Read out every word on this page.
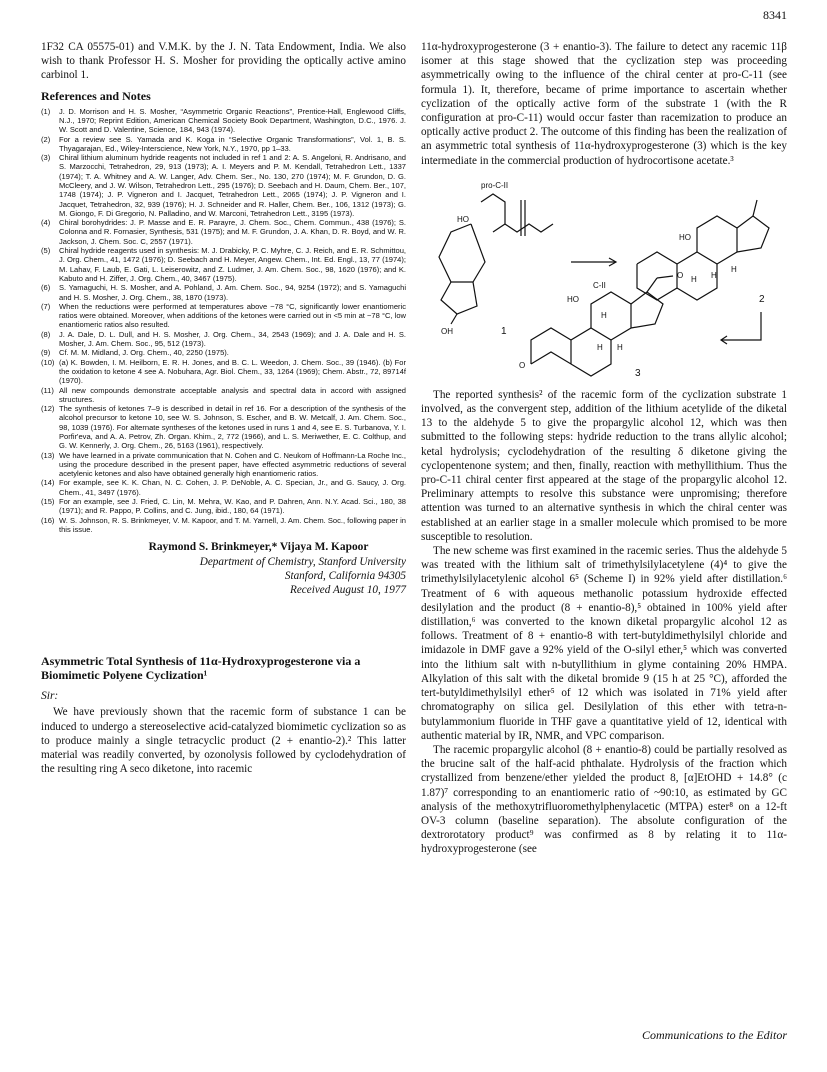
8341

1F32 CA 05575-01) and V.M.K. by the J. N. Tata Endowment, India. We also wish to thank Professor H. S. Mosher for providing the optically active amino carbinol 1.

References and Notes
(1)	J. D. Morrison and H. S. Mosher, “Asymmetric Organic Reactions”, Prentice-Hall, Englewood Cliffs, N.J., 1970; Reprint Edition, American Chemical Society Book Department, Washington, D.C., 1976. J. W. Scott and D. Valentine, Science, 184, 943 (1974).
(2)	For a review see S. Yamada and K. Koga in “Selective Organic Transformations”, Vol. 1, B. S. Thyagarajan, Ed., Wiley-Interscience, New York, N.Y., 1970, pp 1–33.
(3)	Chiral lithium aluminum hydride reagents not included in ref 1 and 2: A. S. Angeloni, R. Andrisano, and S. Marzocchi, Tetrahedron, 29, 913 (1973); A. I. Meyers and P. M. Kendall, Tetrahedron Lett., 1337 (1974); T. A. Whitney and A. W. Langer, Adv. Chem. Ser., No. 130, 270 (1974); M. F. Grundon, D. G. McCleery, and J. W. Wilson, Tetrahedron Lett., 295 (1976); D. Seebach and H. Daum, Chem. Ber., 107, 1748 (1974); J. P. Vigneron and I. Jacquet, Tetrahedron Lett., 2065 (1974); J. P. Vigneron and I. Jacquet, Tetrahedron, 32, 939 (1976); H. J. Schneider and R. Haller, Chem. Ber., 106, 1312 (1973); G. M. Giongo, F. Di Gregorio, N. Palladino, and W. Marconi, Tetrahedron Lett., 3195 (1973).
(4)	Chiral borohydrides: J. P. Masse and E. R. Parayre, J. Chem. Soc., Chem. Commun., 438 (1976); S. Colonna and R. Fornasier, Synthesis, 531 (1975); and M. F. Grundon, J. A. Khan, D. R. Boyd, and W. R. Jackson, J. Chem. Soc. C, 2557 (1971).
(5)	Chiral hydride reagents used in synthesis: M. J. Drabicky, P. C. Myhre, C. J. Reich, and E. R. Schmittou, J. Org. Chem., 41, 1472 (1976); D. Seebach and H. Meyer, Angew. Chem., Int. Ed. Engl., 13, 77 (1974); M. Lahav, F. Laub, E. Gati, L. Leiserowitz, and Z. Ludmer, J. Am. Chem. Soc., 98, 1620 (1976); and K. Kabuto and H. Ziffer, J. Org. Chem., 40, 3467 (1975).
(6)	S. Yamaguchi, H. S. Mosher, and A. Pohland, J. Am. Chem. Soc., 94, 9254 (1972); and S. Yamaguchi and H. S. Mosher, J. Org. Chem., 38, 1870 (1973).
(7)	When the reductions were performed at temperatures above −78 °C, significantly lower enantiomeric ratios were obtained. Moreover, when additions of the ketones were carried out in <5 min at −78 °C, low enantiomeric ratios also resulted.
(8)	J. A. Dale, D. L. Dull, and H. S. Mosher, J. Org. Chem., 34, 2543 (1969); and J. A. Dale and H. S. Mosher, J. Am. Chem. Soc., 95, 512 (1973).
(9)	Cf. M. M. Midland, J. Org. Chem., 40, 2250 (1975).
(10) (a) K. Bowden, I. M. Heilborn, E. R. H. Jones, and B. C. L. Weedon, J. Chem. Soc., 39 (1946). (b) For the oxidation to ketone 4 see A. Nobuhara, Agr. Biol. Chem., 33, 1264 (1969); Chem. Abstr., 72, 89714f (1970).
(11) All new compounds demonstrate acceptable analysis and spectral data in accord with assigned structures.
(12) The synthesis of ketones 7–9 is described in detail in ref 16. For a description of the synthesis of the alcohol precursor to ketone 10, see W. S. Johnson, S. Escher, and B. W. Metcalf, J. Am. Chem. Soc., 98, 1039 (1976). For alternate syntheses of the ketones used in runs 1 and 4, see E. S. Turbanova, Y. I. Porfir'eva, and A. A. Petrov, Zh. Organ. Khim., 2, 772 (1966), and L. S. Meriwether, E. C. Colthup, and G. W. Kennerly, J. Org. Chem., 26, 5163 (1961), respectively.
(13) We have learned in a private communication that N. Cohen and C. Neukom of Hoffmann-La Roche Inc., using the procedure described in the present paper, have effected asymmetric reductions of several acetylenic ketones and also have obtained generally high enantiomeric ratios.
(14) For example, see K. K. Chan, N. C. Cohen, J. P. DeNoble, A. C. Specian, Jr., and G. Saucy, J. Org. Chem., 41, 3497 (1976).
(15) For an example, see J. Fried, C. Lin, M. Mehra, W. Kao, and P. Dahren, Ann. N.Y. Acad. Sci., 180, 38 (1971); and R. Pappo, P. Collins, and C. Jung, ibid., 180, 64 (1971).
(16) W. S. Johnson, R. S. Brinkmeyer, V. M. Kapoor, and T. M. Yarnell, J. Am. Chem. Soc., following paper in this issue.
Raymond S. Brinkmeyer,* Vijaya M. Kapoor
Department of Chemistry, Stanford University
Stanford, California 94305
Received August 10, 1977
Asymmetric Total Synthesis of 11α-Hydroxyprogesterone via a Biomimetic Polyene Cyclization¹
Sir:

We have previously shown that the racemic form of substance 1 can be induced to undergo a stereoselective acid-catalyzed biomimetic cyclization so as to produce mainly a single tetracyclic product (2 + enantio-2).² This latter material was readily converted, by ozonolysis followed by cyclodehydration of the resulting ring A seco diketone, into racemic

11α-hydroxyprogesterone (3 + enantio-3). The failure to detect any racemic 11β isomer at this stage showed that the cyclization step was proceeding asymmetrically owing to the influence of the chiral center at pro-C-11 (see formula 1). It, therefore, became of prime importance to ascertain whether cyclization of the optically active form of the substrate 1 (with the R configuration at pro-C-11) would occur faster than racemization to produce an optically active product 2. The outcome of this finding has been the realization of an asymmetric total synthesis of 11α-hydroxyprogesterone (3) which is the key intermediate in the commercial production of hydrocortisone acetate.³

pro-C-II
HO
OH	1
HO
H
H
H
2
C-II
HO
H
H H
O
O
3

The reported synthesis² of the racemic form of the cyclization substrate 1 involved, as the convergent step, addition of the lithium acetylide of the diketal 13 to the aldehyde 5 to give the propargylic alcohol 12, which was then submitted to the following steps: hydride reduction to the trans allylic alcohol; ketal hydrolysis; cyclodehydration of the resulting δ diketone giving the cyclopentenone system; and then, finally, reaction with methyllithium. Thus the pro-C-11 chiral center first appeared at the stage of the propargylic alcohol 12. Preliminary attempts to resolve this substance were unpromising; therefore attention was turned to an alternative synthesis in which the chiral center was established at an earlier stage in a smaller molecule which promised to be more susceptible to resolution.

The new scheme was first examined in the racemic series. Thus the aldehyde 5 was treated with the lithium salt of trimethylsilylacetylene (4)⁴ to give the trimethylsilylacetylenic alcohol 6⁵ (Scheme I) in 92% yield after distillation.⁶ Treatment of 6 with aqueous methanolic potassium hydroxide effected desilylation and the product (8 + enantio-8),⁵ obtained in 100% yield after distillation,⁶ was converted to the known diketal propargylic alcohol 12 as follows. Treatment of 8 + enantio-8 with tert-butyldimethylsilyl chloride and imidazole in DMF gave a 92% yield of the O-silyl ether,⁵ which was converted into the lithium salt with n-butyllithium in glyme containing 20% HMPA. Alkylation of this salt with the diketal bromide 9 (15 h at 25 °C), afforded the tert-butyldimethylsilyl ether⁵ of 12 which was isolated in 71% yield after chromatography on silica gel. Desilylation of this ether with tetra-n-butylammonium fluoride in THF gave a quantitative yield of 12, identical with authentic material by IR, NMR, and VPC comparison.

The racemic propargylic alcohol (8 + enantio-8) could be partially resolved as the brucine salt of the half-acid phthalate. Hydrolysis of the fraction which crystallized from benzene/ether yielded the product 8, [α]EtOHD + 14.8° (c 1.87)⁷ corresponding to an enantiomeric ratio of ~90:10, as estimated by GC analysis of the methoxytrifluoromethylphenylacetic (MTPA) ester⁸ on a 12-ft OV-3 column (baseline separation). The absolute configuration of the dextrorotatory product⁹ was confirmed as 8 by relating it to 11α-hydroxyprogesterone (see

Communications to the Editor
